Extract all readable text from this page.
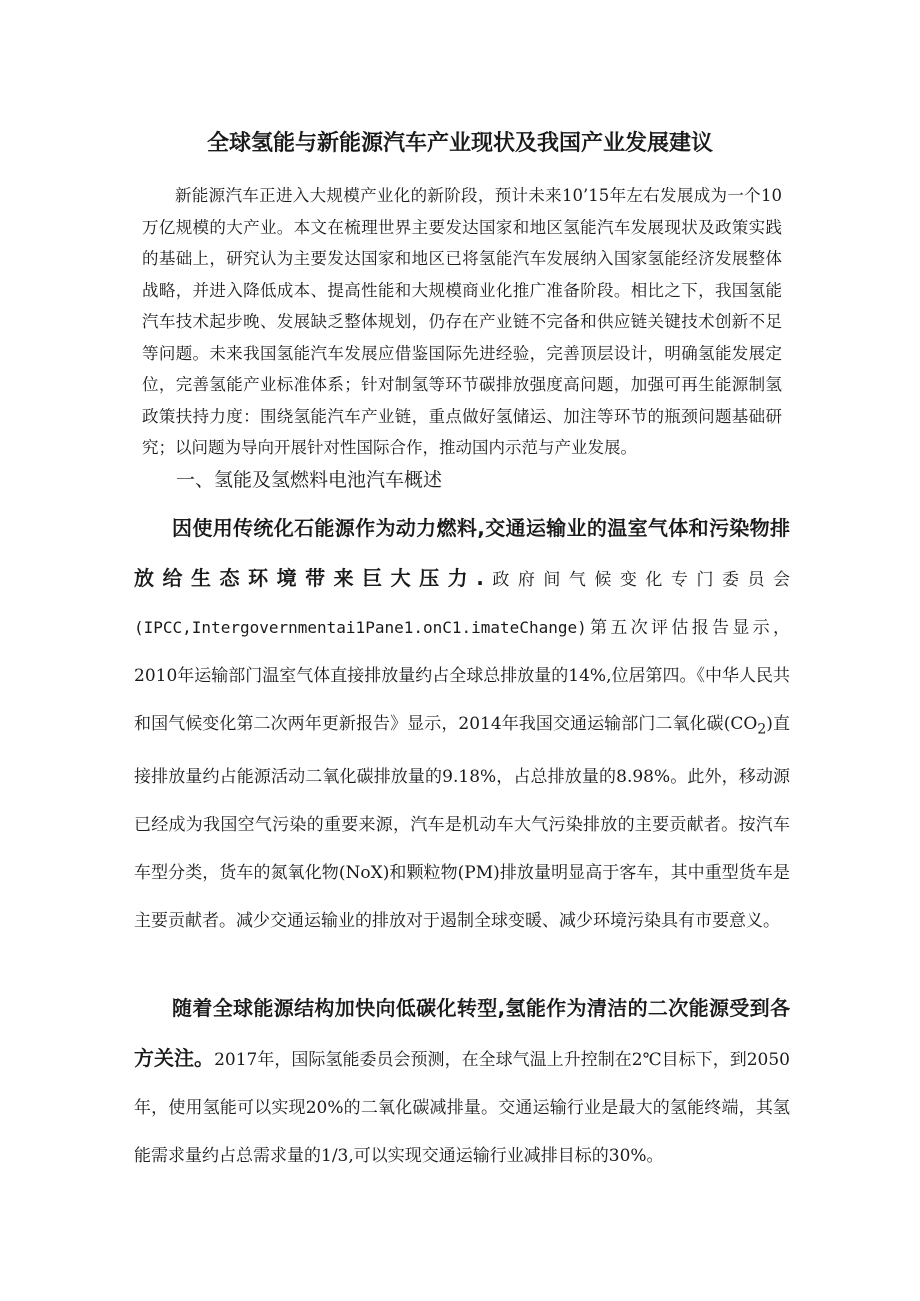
全球氢能与新能源汽车产业现状及我国产业发展建议

新能源汽车正进入大规模产业化的新阶段，预计未来10’15年左右发展成为一个10万亿规模的大产业。本文在梳理世界主要发达国家和地区氢能汽车发展现状及政策实践的基础上，研究认为主要发达国家和地区已将氢能汽车发展纳入国家氢能经济发展整体战略，并进入降低成本、提高性能和大规模商业化推广准备阶段。相比之下，我国氢能汽车技术起步晚、发展缺乏整体规划，仍存在产业链不完备和供应链关键技术创新不足等问题。未来我国氢能汽车发展应借鉴国际先进经验，完善顶层设计，明确氢能发展定位，完善氢能产业标准体系；针对制氢等环节碳排放强度高问题，加强可再生能源制氢政策扶持力度：围绕氢能汽车产业链，重点做好氢储运、加注等环节的瓶颈问题基础研究；以问题为导向开展针对性国际合作，推动国内示范与产业发展。

一、氢能及氢燃料电池汽车概述

因使用传统化石能源作为动力燃料,交通运输业的温室气体和污染物排放给生态环境带来巨大压力.政府间气候变化专门委员会(IPCC,Intergovernmentai1Pane1.onC1.imateChange)第五次评估报告显示，2010年运输部门温室气体直接排放量约占全球总排放量的14%,位居第四。《中华人民共和国气候变化第二次两年更新报告》显示，2014年我国交通运输部门二氧化碳$(CO_2)$直接排放量约占能源活动二氧化碳排放量的9.18%，占总排放量的8.98%。此外，移动源已经成为我国空气污染的重要来源，汽车是机动车大气污染排放的主要贡献者。按汽车车型分类，货车的氮氧化物(NoX)和颗粒物(PM)排放量明显高于客车，其中重型货车是主要贡献者。减少交通运输业的排放对于遏制全球变暖、减少环境污染具有市要意义。

随着全球能源结构加快向低碳化转型,氢能作为清洁的二次能源受到各方关注。2017年，国际氢能委员会预测，在全球气温上升控制在2℃目标下，到2050年，使用氢能可以实现20%的二氧化碳减排量。交通运输行业是最大的氢能终端，其氢能需求量约占总需求量的1/3,可以实现交通运输行业减排目标的30%。
